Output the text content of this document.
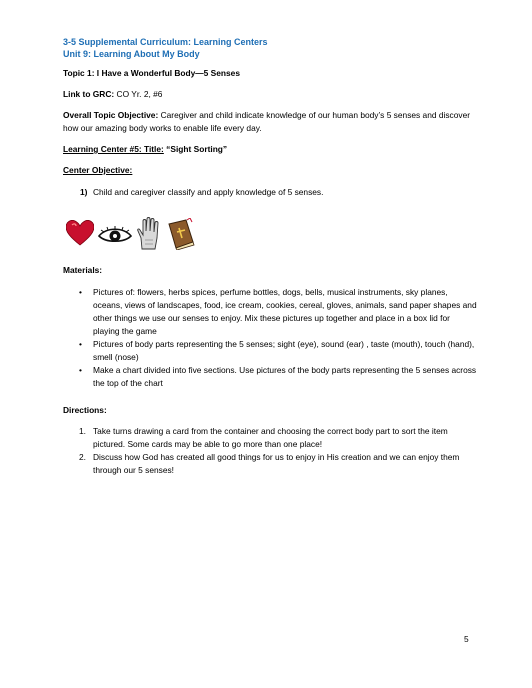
3-5 Supplemental Curriculum: Learning Centers
Unit 9: Learning About My Body
Topic 1: I Have a Wonderful Body—5 Senses
Link to GRC: CO Yr. 2, #6
Overall Topic Objective: Caregiver and child indicate knowledge of our human body’s 5 senses and discover how our amazing body works to enable life every day.
Learning Center #5: Title: “Sight Sorting”
Center Objective:
1) Child and caregiver classify and apply knowledge of 5 senses.
Materials:
• Pictures of: flowers, herbs spices, perfume bottles, dogs, bells, musical instruments, sky planes, oceans, views of landscapes, food, ice cream, cookies, cereal, gloves, animals, sand paper shapes and other things we use our senses to enjoy. Mix these pictures up together and place in a box lid for playing the game
• Pictures of body parts representing the 5 senses; sight (eye), sound (ear) , taste (mouth), touch (hand), smell (nose)
• Make a chart divided into five sections. Use pictures of the body parts representing the 5 senses across the top of the chart
Directions:
1. Take turns drawing a card from the container and choosing the correct body part to sort the item pictured. Some cards may be able to go more than one place!
2. Discuss how God has created all good things for us to enjoy in His creation and we can enjoy them through our 5 senses!
5
